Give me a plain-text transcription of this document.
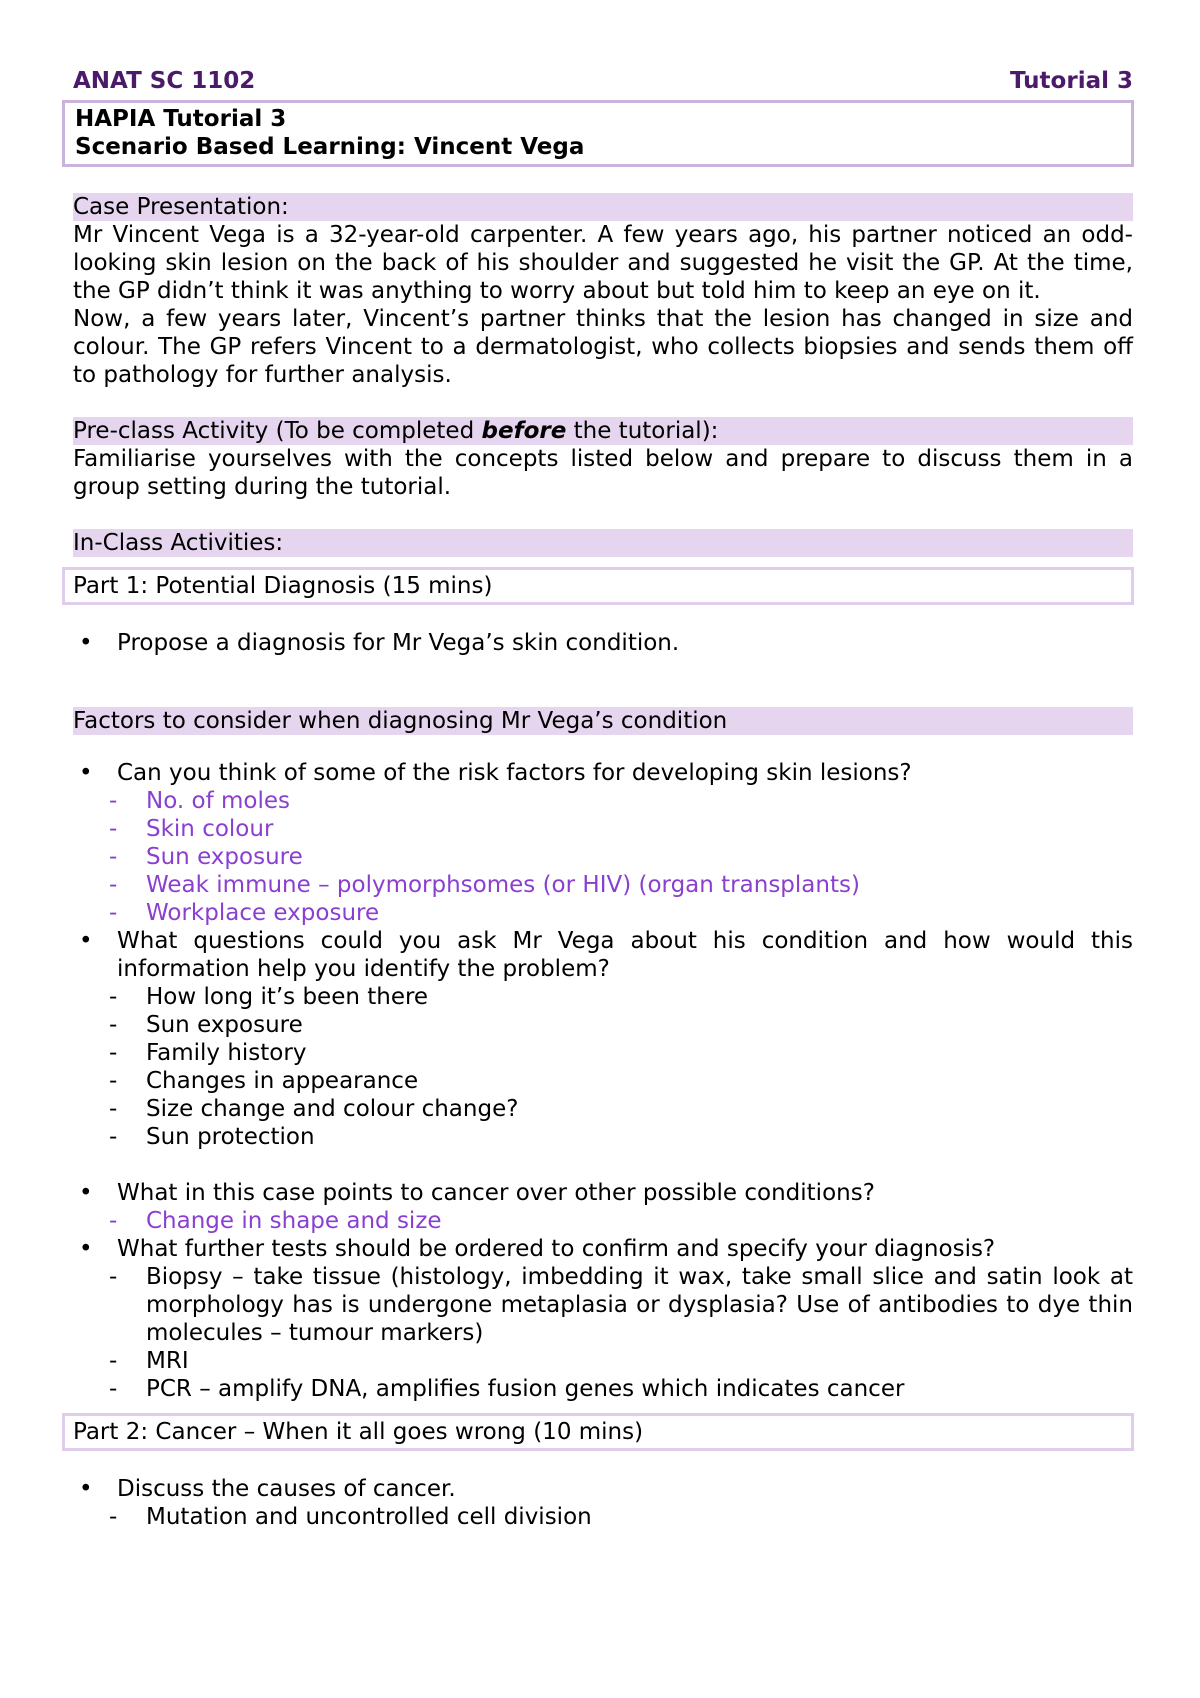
ANAT SC 1102	Tutorial 3
HAPIA Tutorial 3
Scenario Based Learning: Vincent Vega
Case Presentation:

Mr Vincent Vega is a 32-year-old carpenter. A few years ago, his partner noticed an odd-looking skin lesion on the back of his shoulder and suggested he visit the GP. At the time, the GP didn’t think it was anything to worry about but told him to keep an eye on it.

Now, a few years later, Vincent’s partner thinks that the lesion has changed in size and colour. The GP refers Vincent to a dermatologist, who collects biopsies and sends them off to pathology for further analysis.

Pre-class Activity (To be completed before the tutorial):

Familiarise yourselves with the concepts listed below and prepare to discuss them in a group setting during the tutorial.

In-Class Activities:
Part 1: Potential Diagnosis (15 mins)
• Propose a diagnosis for Mr Vega’s skin condition.
Factors to consider when diagnosing Mr Vega’s condition
• Can you think of some of the risk factors for developing skin lesions?
- No. of moles
- Skin colour
- Sun exposure
- Weak immune – polymorphsomes (or HIV) (organ transplants)
- Workplace exposure
• What questions could you ask Mr Vega about his condition and how would this information help you identify the problem?
- How long it’s been there
- Sun exposure
- Family history
- Changes in appearance
- Size change and colour change?
- Sun protection
• What in this case points to cancer over other possible conditions?
- Change in shape and size
• What further tests should be ordered to confirm and specify your diagnosis?
- Biopsy – take tissue (histology, imbedding it wax, take small slice and satin look at morphology has is undergone metaplasia or dysplasia? Use of antibodies to dye thin molecules – tumour markers)
- MRI
- PCR – amplify DNA, amplifies fusion genes which indicates cancer
Part 2: Cancer – When it all goes wrong (10 mins)
• Discuss the causes of cancer.
- Mutation and uncontrolled cell division
